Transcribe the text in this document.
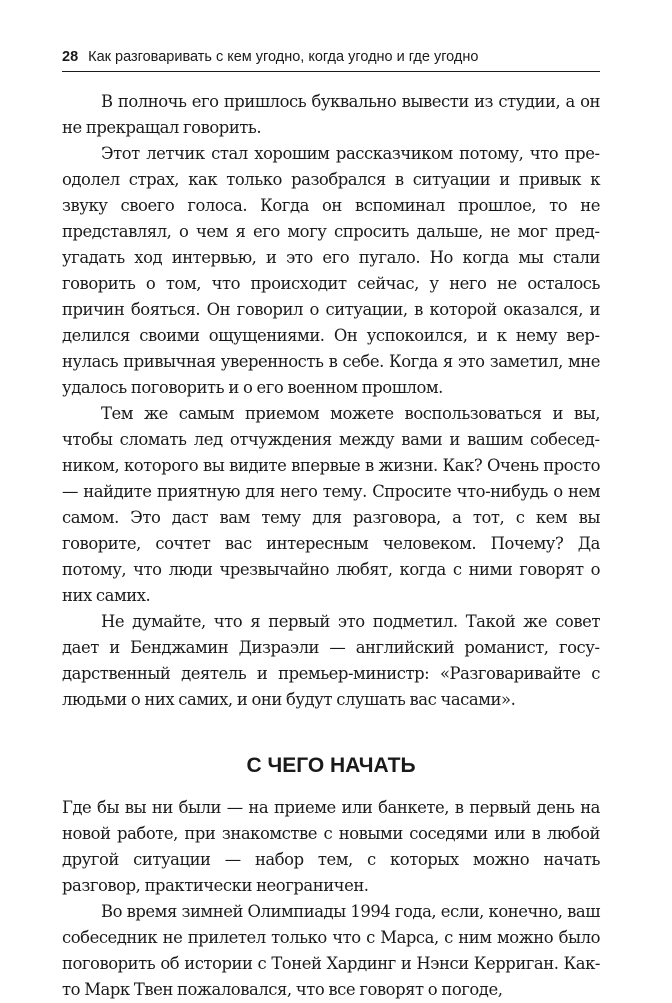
28 Как разговаривать с кем угодно, когда угодно и где угодно

В полночь его пришлось буквально вывести из студии, а он не прекращал говорить.

Этот летчик стал хорошим рассказчиком потому, что преодолел страх, как только разобрался в ситуации и привык к звуку своего голоса. Когда он вспоминал прошлое, то не представлял, о чем я его могу спросить дальше, не мог предугадать ход интервью, и это его пугало. Но когда мы стали говорить о том, что происходит сейчас, у него не осталось причин бояться. Он говорил о ситуации, в которой оказался, и делился своими ощущениями. Он успокоился, и к нему вернулась привычная уверенность в себе. Когда я это заметил, мне удалось поговорить и о его военном прошлом.

Тем же самым приемом можете воспользоваться и вы, чтобы сломать лед отчуждения между вами и вашим собеседником, которого вы видите впервые в жизни. Как? Очень просто — найдите приятную для него тему. Спросите что-нибудь о нем самом. Это даст вам тему для разговора, а тот, с кем вы говорите, сочтет вас интересным человеком. Почему? Да потому, что люди чрезвычайно любят, когда с ними говорят о них самих.

Не думайте, что я первый это подметил. Такой же совет дает и Бенджамин Дизраэли — английский романист, государственный деятель и премьер-министр: «Разговаривайте с людьми о них самих, и они будут слушать вас часами».

С ЧЕГО НАЧАТЬ

Где бы вы ни были — на приеме или банкете, в первый день на новой работе, при знакомстве с новыми соседями или в любой другой ситуации — набор тем, с которых можно начать разговор, практически неограничен.

Во время зимней Олимпиады 1994 года, если, конечно, ваш собеседник не прилетел только что с Марса, с ним можно было поговорить об истории с Тоней Хардинг и Нэнси Керриган. Как-то Марк Твен пожаловался, что все говорят о погоде,
